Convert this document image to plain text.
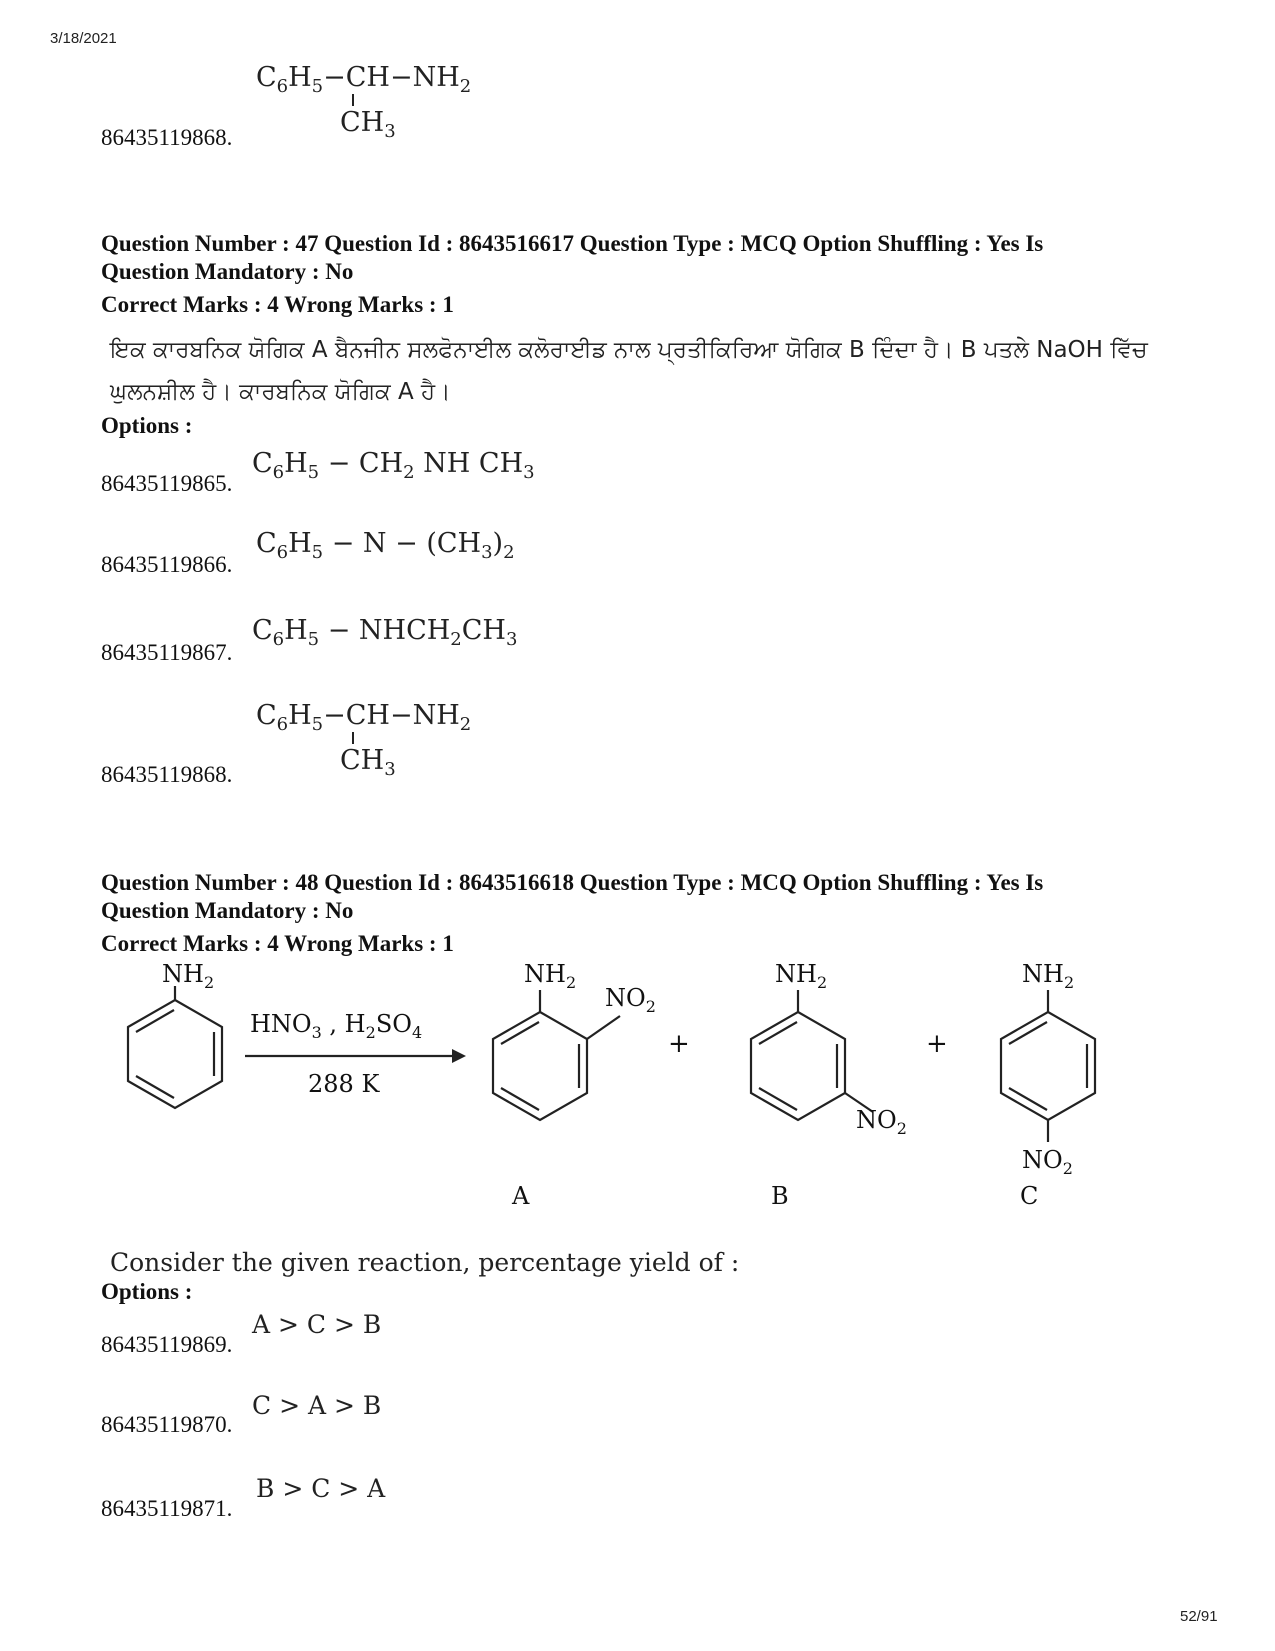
3/18/2021
$C_6H_5-CH-NH_2$
$CH_3$
86435119868.
Question Number : 47 Question Id : 8643516617 Question Type : MCQ Option Shuffling : Yes Is
Question Mandatory : No
Correct Marks : 4 Wrong Marks : 1
ਇਕ ਕਾਰਬਨਿਕ ਯੋਗਿਕ A ਬੈਨਜੀਨ ਸਲਫੋਨਾਈਲ ਕਲੋਰਾਈਡ ਨਾਲ ਪ੍ਰਤੀਕਿਰਿਆ ਯੋਗਿਕ B ਦਿੰਦਾ ਹੈ। B ਪਤਲੇ NaOH ਵਿੱਚ ਘੁਲਨਸ਼ੀਲ ਹੈ। ਕਾਰਬਨਿਕ ਯੋਗਿਕ A ਹੈ।
Options :
86435119865.
$C_6H_5 - CH_2$ NH $CH_3$
86435119866.
$C_6H_5 - N - (CH_3)_2$
86435119867.
$C_6H_5$ − $NHCH_2CH_3$
$C_6H_5-CH-NH_2$
$CH_3$
86435119868.
Question Number : 48 Question Id : 8643516618 Question Type : MCQ Option Shuffling : Yes Is
Question Mandatory : No
Correct Marks : 4 Wrong Marks : 1
$NH_2$
$HNO_3$ , $H_2SO_4$
288 K
$NH_2$
$NO_2$
+
$NH_2$
$NO_2$
+
$NH_2$
$NO_2$
A	B	C
Consider the given reaction, percentage yield of :
Options :
86435119869.
A > C > B
86435119870.
C > A > B
86435119871.
B > C > A
52/91
